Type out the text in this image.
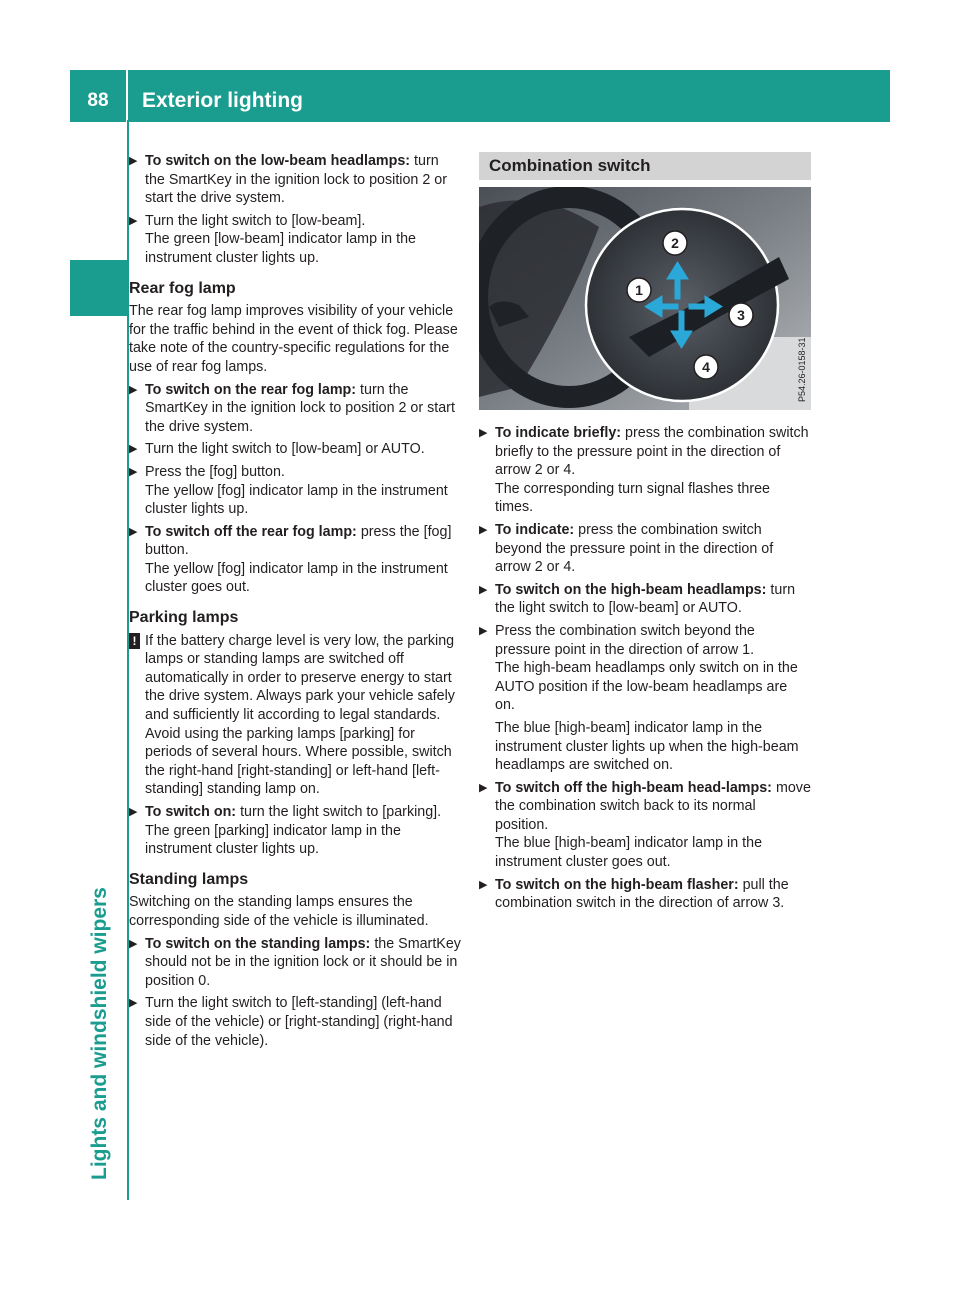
88	Exterior lighting
Lights and windshield wipers
▶ To switch on the low-beam headlamps: turn the SmartKey in the ignition lock to position 2 or start the drive system.
▶ Turn the light switch to [low-beam].
The green [low-beam] indicator lamp in the instrument cluster lights up.
Rear fog lamp

The rear fog lamp improves visibility of your vehicle for the traffic behind in the event of thick fog. Please take note of the country-specific regulations for the use of rear fog lamps.

▶ To switch on the rear fog lamp: turn the SmartKey in the ignition lock to position 2 or start the drive system.
▶ Turn the light switch to [low-beam] or AUTO.
▶ Press the [fog] button.
The yellow [fog] indicator lamp in the instrument cluster lights up.
▶ To switch off the rear fog lamp: press the [fog] button.
The yellow [fog] indicator lamp in the instrument cluster goes out.
Parking lamps
! If the battery charge level is very low, the parking lamps or standing lamps are switched off automatically in order to preserve energy to start the drive system. Always park your vehicle safely and sufficiently lit according to legal standards. Avoid using the parking lamps [parking] for periods of several hours. Where possible, switch the right-hand [right-standing] or left-hand [left-standing] standing lamp on.
▶ To switch on: turn the light switch to [parking].
The green [parking] indicator lamp in the instrument cluster lights up.
Standing lamps

Switching on the standing lamps ensures the corresponding side of the vehicle is illuminated.

▶ To switch on the standing lamps: the SmartKey should not be in the ignition lock or it should be in position 0.
▶ Turn the light switch to [left-standing] (left-hand side of the vehicle) or [right-standing] (right-hand side of the vehicle).
Combination switch
1
2
3
4	P54.26-0158-31
▶ To indicate briefly: press the combination switch briefly to the pressure point in the direction of arrow 2 or 4.
The corresponding turn signal flashes three times.
▶ To indicate: press the combination switch beyond the pressure point in the direction of arrow 2 or 4.
▶ To switch on the high-beam headlamps: turn the light switch to [low-beam] or AUTO.
▶ Press the combination switch beyond the pressure point in the direction of arrow 1.
The high-beam headlamps only switch on in the AUTO position if the low-beam headlamps are on.
The blue [high-beam] indicator lamp in the instrument cluster lights up when the high-beam headlamps are switched on.
▶ To switch off the high-beam head-lamps: move the combination switch back to its normal position.
The blue [high-beam] indicator lamp in the instrument cluster goes out.
▶ To switch on the high-beam flasher: pull the combination switch in the direction of arrow 3.
